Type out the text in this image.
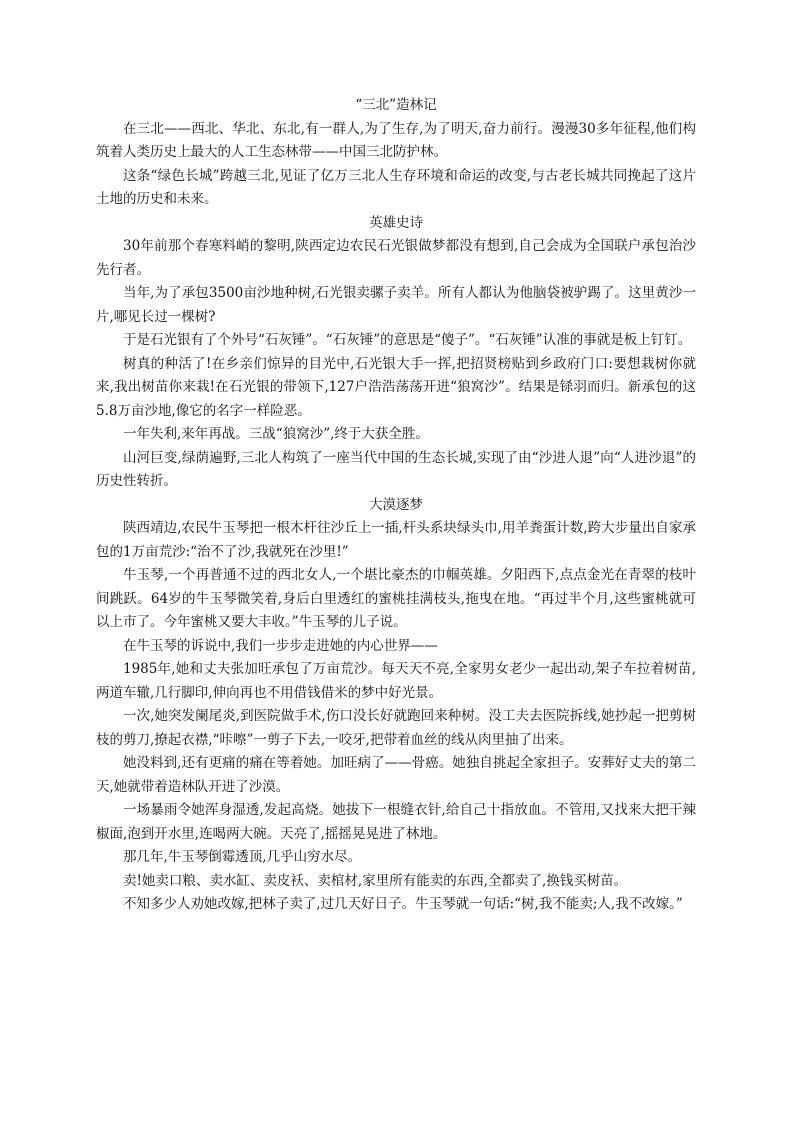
“三北”造林记

在三北——西北、华北、东北,有一群人,为了生存,为了明天,奋力前行。漫漫30多年征程,他们构筑着人类历史上最大的人工生态林带——中国三北防护林。

这条“绿色长城”跨越三北,见证了亿万三北人生存环境和命运的改变,与古老长城共同挽起了这片土地的历史和未来。

英雄史诗

30年前那个春寒料峭的黎明,陕西定边农民石光银做梦都没有想到,自己会成为全国联户承包治沙先行者。

当年,为了承包3500亩沙地种树,石光银卖骡子卖羊。所有人都认为他脑袋被驴踢了。这里黄沙一片,哪见长过一棵树?

于是石光银有了个外号“石灰锤”。“石灰锤”的意思是“傻子”。“石灰锤”认准的事就是板上钉钉。

树真的种活了!在乡亲们惊异的目光中,石光银大手一挥,把招贤榜贴到乡政府门口:要想栽树你就来,我出树苗你来栽!在石光银的带领下,127户浩浩荡荡开进“狼窝沙”。结果是铩羽而归。新承包的这5.8万亩沙地,像它的名字一样险恶。

一年失利,来年再战。三战“狼窝沙”,终于大获全胜。

山河巨变,绿荫遍野,三北人构筑了一座当代中国的生态长城,实现了由“沙进人退”向“人进沙退”的历史性转折。

大漠逐梦

陕西靖边,农民牛玉琴把一根木杆往沙丘上一插,杆头系块绿头巾,用羊粪蛋计数,跨大步量出自家承包的1万亩荒沙:“治不了沙,我就死在沙里!”

牛玉琴,一个再普通不过的西北女人,一个堪比豪杰的巾帼英雄。夕阳西下,点点金光在青翠的枝叶间跳跃。64岁的牛玉琴微笑着,身后白里透红的蜜桃挂满枝头,拖曳在地。“再过半个月,这些蜜桃就可以上市了。今年蜜桃又要大丰收。”牛玉琴的儿子说。

在牛玉琴的诉说中,我们一步步走进她的内心世界——

1985年,她和丈夫张加旺承包了万亩荒沙。每天天不亮,全家男女老少一起出动,架子车拉着树苗,两道车辙,几行脚印,伸向再也不用借钱借米的梦中好光景。

一次,她突发阑尾炎,到医院做手术,伤口没长好就跑回来种树。没工夫去医院拆线,她抄起一把剪树枝的剪刀,撩起衣襟,“咔嚓”一剪子下去,一咬牙,把带着血丝的线从肉里抽了出来。

她没料到,还有更痛的痛在等着她。加旺病了——骨癌。她独自挑起全家担子。安葬好丈夫的第二天,她就带着造林队开进了沙漠。

一场暴雨令她浑身湿透,发起高烧。她拔下一根缝衣针,给自己十指放血。不管用,又找来大把干辣椒面,泡到开水里,连喝两大碗。天亮了,摇摇晃晃进了林地。

那几年,牛玉琴倒霉透顶,几乎山穷水尽。

卖!她卖口粮、卖水缸、卖皮袄、卖棺材,家里所有能卖的东西,全都卖了,换钱买树苗。

不知多少人劝她改嫁,把林子卖了,过几天好日子。牛玉琴就一句话:“树,我不能卖;人,我不改嫁。”
